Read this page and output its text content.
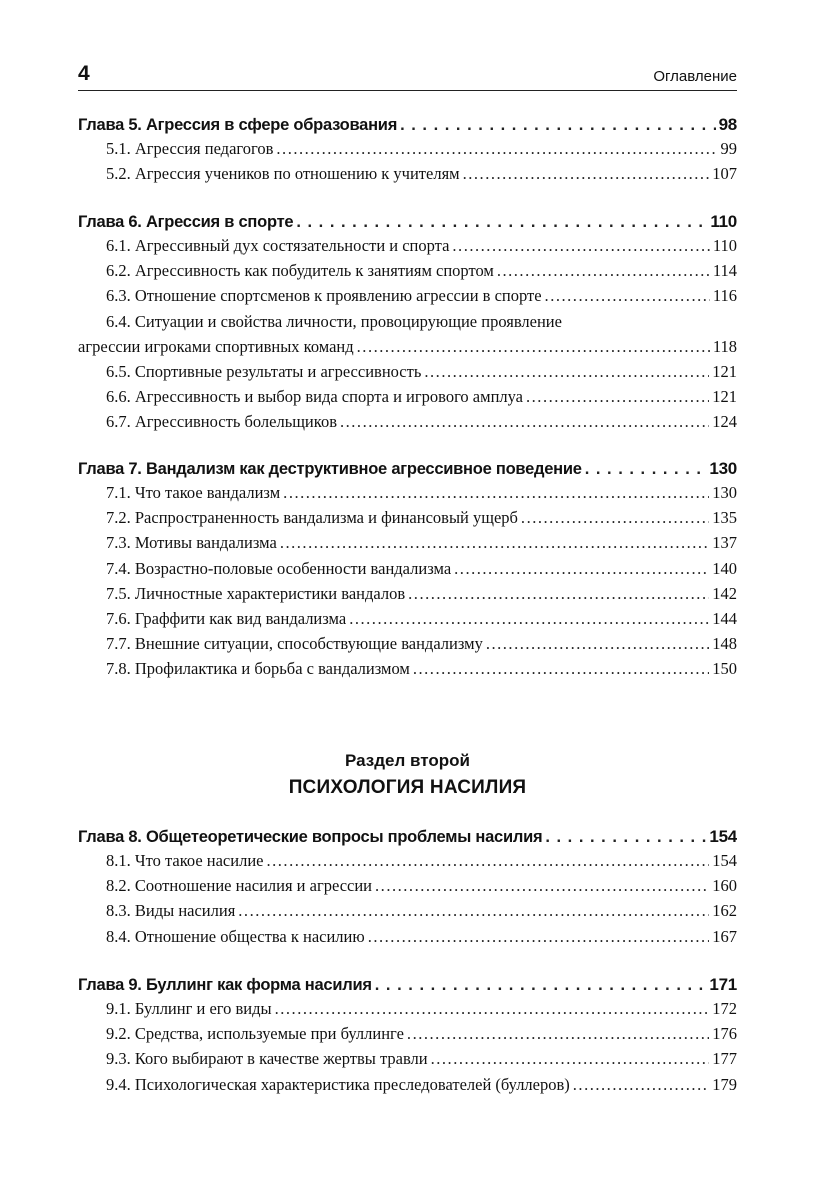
4	Оглавление
Глава 5. Агрессия в сфере образования . . .	98
5.1. Агрессия педагогов . . .	99
5.2. Агрессия учеников по отношению к учителям . . .	107
Глава 6. Агрессия в спорте . . .	110
6.1. Агрессивный дух состязательности и спорта . . .	110
6.2. Агрессивность как побудитель к занятиям спортом . . .	114
6.3. Отношение спортсменов к проявлению агрессии в спорте . . .	116
6.4. Ситуации и свойства личности, провоцирующие проявление
агрессии игроками спортивных команд . . .	118
6.5. Спортивные результаты и агрессивность . . .	121
6.6. Агрессивность и выбор вида спорта и игрового амплуа . . .	121
6.7. Агрессивность болельщиков . . .	124
Глава 7. Вандализм как деструктивное агрессивное поведение . . .	130
7.1. Что такое вандализм . . .	130
7.2. Распространенность вандализма и финансовый ущерб . . .	135
7.3. Мотивы вандализма . . .	137
7.4. Возрастно-половые особенности вандализма . . .	140
7.5. Личностные характеристики вандалов . . .	142
7.6. Граффити как вид вандализма . . .	144
7.7. Внешние ситуации, способствующие вандализму . . .	148
7.8. Профилактика и борьба с вандализмом . . .	150
Раздел второй
ПСИХОЛОГИЯ НАСИЛИЯ
Глава 8. Общетеоретические вопросы проблемы насилия . . .	154
8.1. Что такое насилие . . .	154
8.2. Соотношение насилия и агрессии . . .	160
8.3. Виды насилия . . .	162
8.4. Отношение общества к насилию . . .	167
Глава 9. Буллинг как форма насилия . . .	171
9.1. Буллинг и его виды . . .	172
9.2. Средства, используемые при буллинге . . .	176
9.3. Кого выбирают в качестве жертвы травли . . .	177
9.4. Психологическая характеристика преследователей (буллеров) . . .	179
